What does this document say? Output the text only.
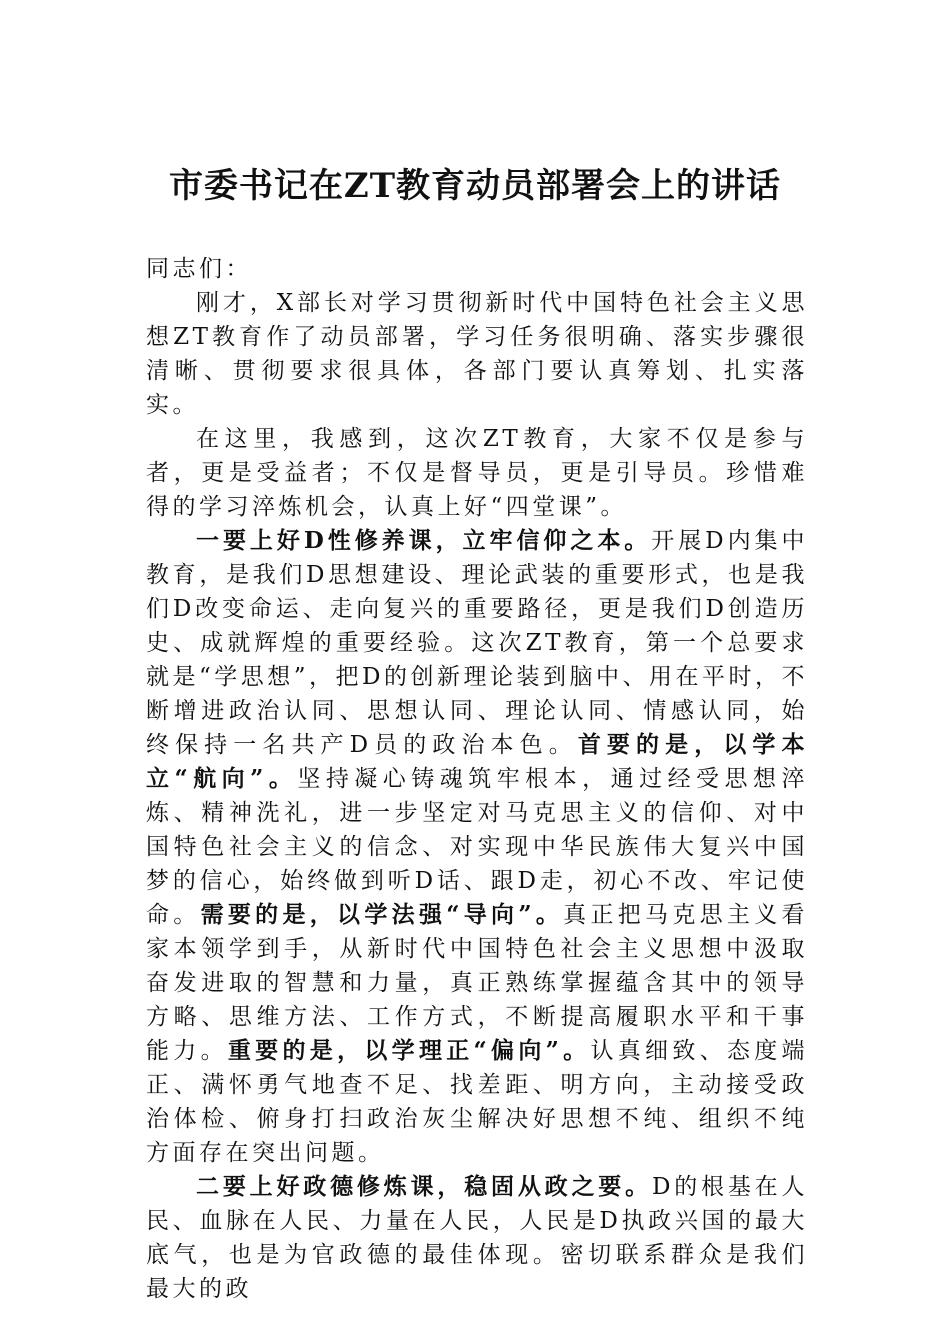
市委书记在ZT教育动员部署会上的讲话

同志们：

刚才，X部长对学习贯彻新时代中国特色社会主义思想ZT教育作了动员部署，学习任务很明确、落实步骤很清晰、贯彻要求很具体，各部门要认真筹划、扎实落实。

在这里，我感到，这次ZT教育，大家不仅是参与者，更是受益者；不仅是督导员，更是引导员。珍惜难得的学习淬炼机会，认真上好“四堂课”。

一要上好D性修养课，立牢信仰之本。开展D内集中教育，是我们D思想建设、理论武装的重要形式，也是我们D改变命运、走向复兴的重要路径，更是我们D创造历史、成就辉煌的重要经验。这次ZT教育，第一个总要求就是“学思想”，把D的创新理论装到脑中、用在平时，不断增进政治认同、思想认同、理论认同、情感认同，始终保持一名共产D员的政治本色。首要的是，以学本立“航向”。坚持凝心铸魂筑牢根本，通过经受思想淬炼、精神洗礼，进一步坚定对马克思主义的信仰、对中国特色社会主义的信念、对实现中华民族伟大复兴中国梦的信心，始终做到听D话、跟D走，初心不改、牢记使命。需要的是，以学法强“导向”。真正把马克思主义看家本领学到手，从新时代中国特色社会主义思想中汲取奋发进取的智慧和力量，真正熟练掌握蕴含其中的领导方略、思维方法、工作方式，不断提高履职水平和干事能力。重要的是，以学理正“偏向”。认真细致、态度端正、满怀勇气地查不足、找差距、明方向，主动接受政治体检、俯身打扫政治灰尘解决好思想不纯、组织不纯方面存在突出问题。

二要上好政德修炼课，稳固从政之要。D的根基在人民、血脉在人民、力量在人民，人民是D执政兴国的最大底气，也是为官政德的最佳体现。密切联系群众是我们最大的政
